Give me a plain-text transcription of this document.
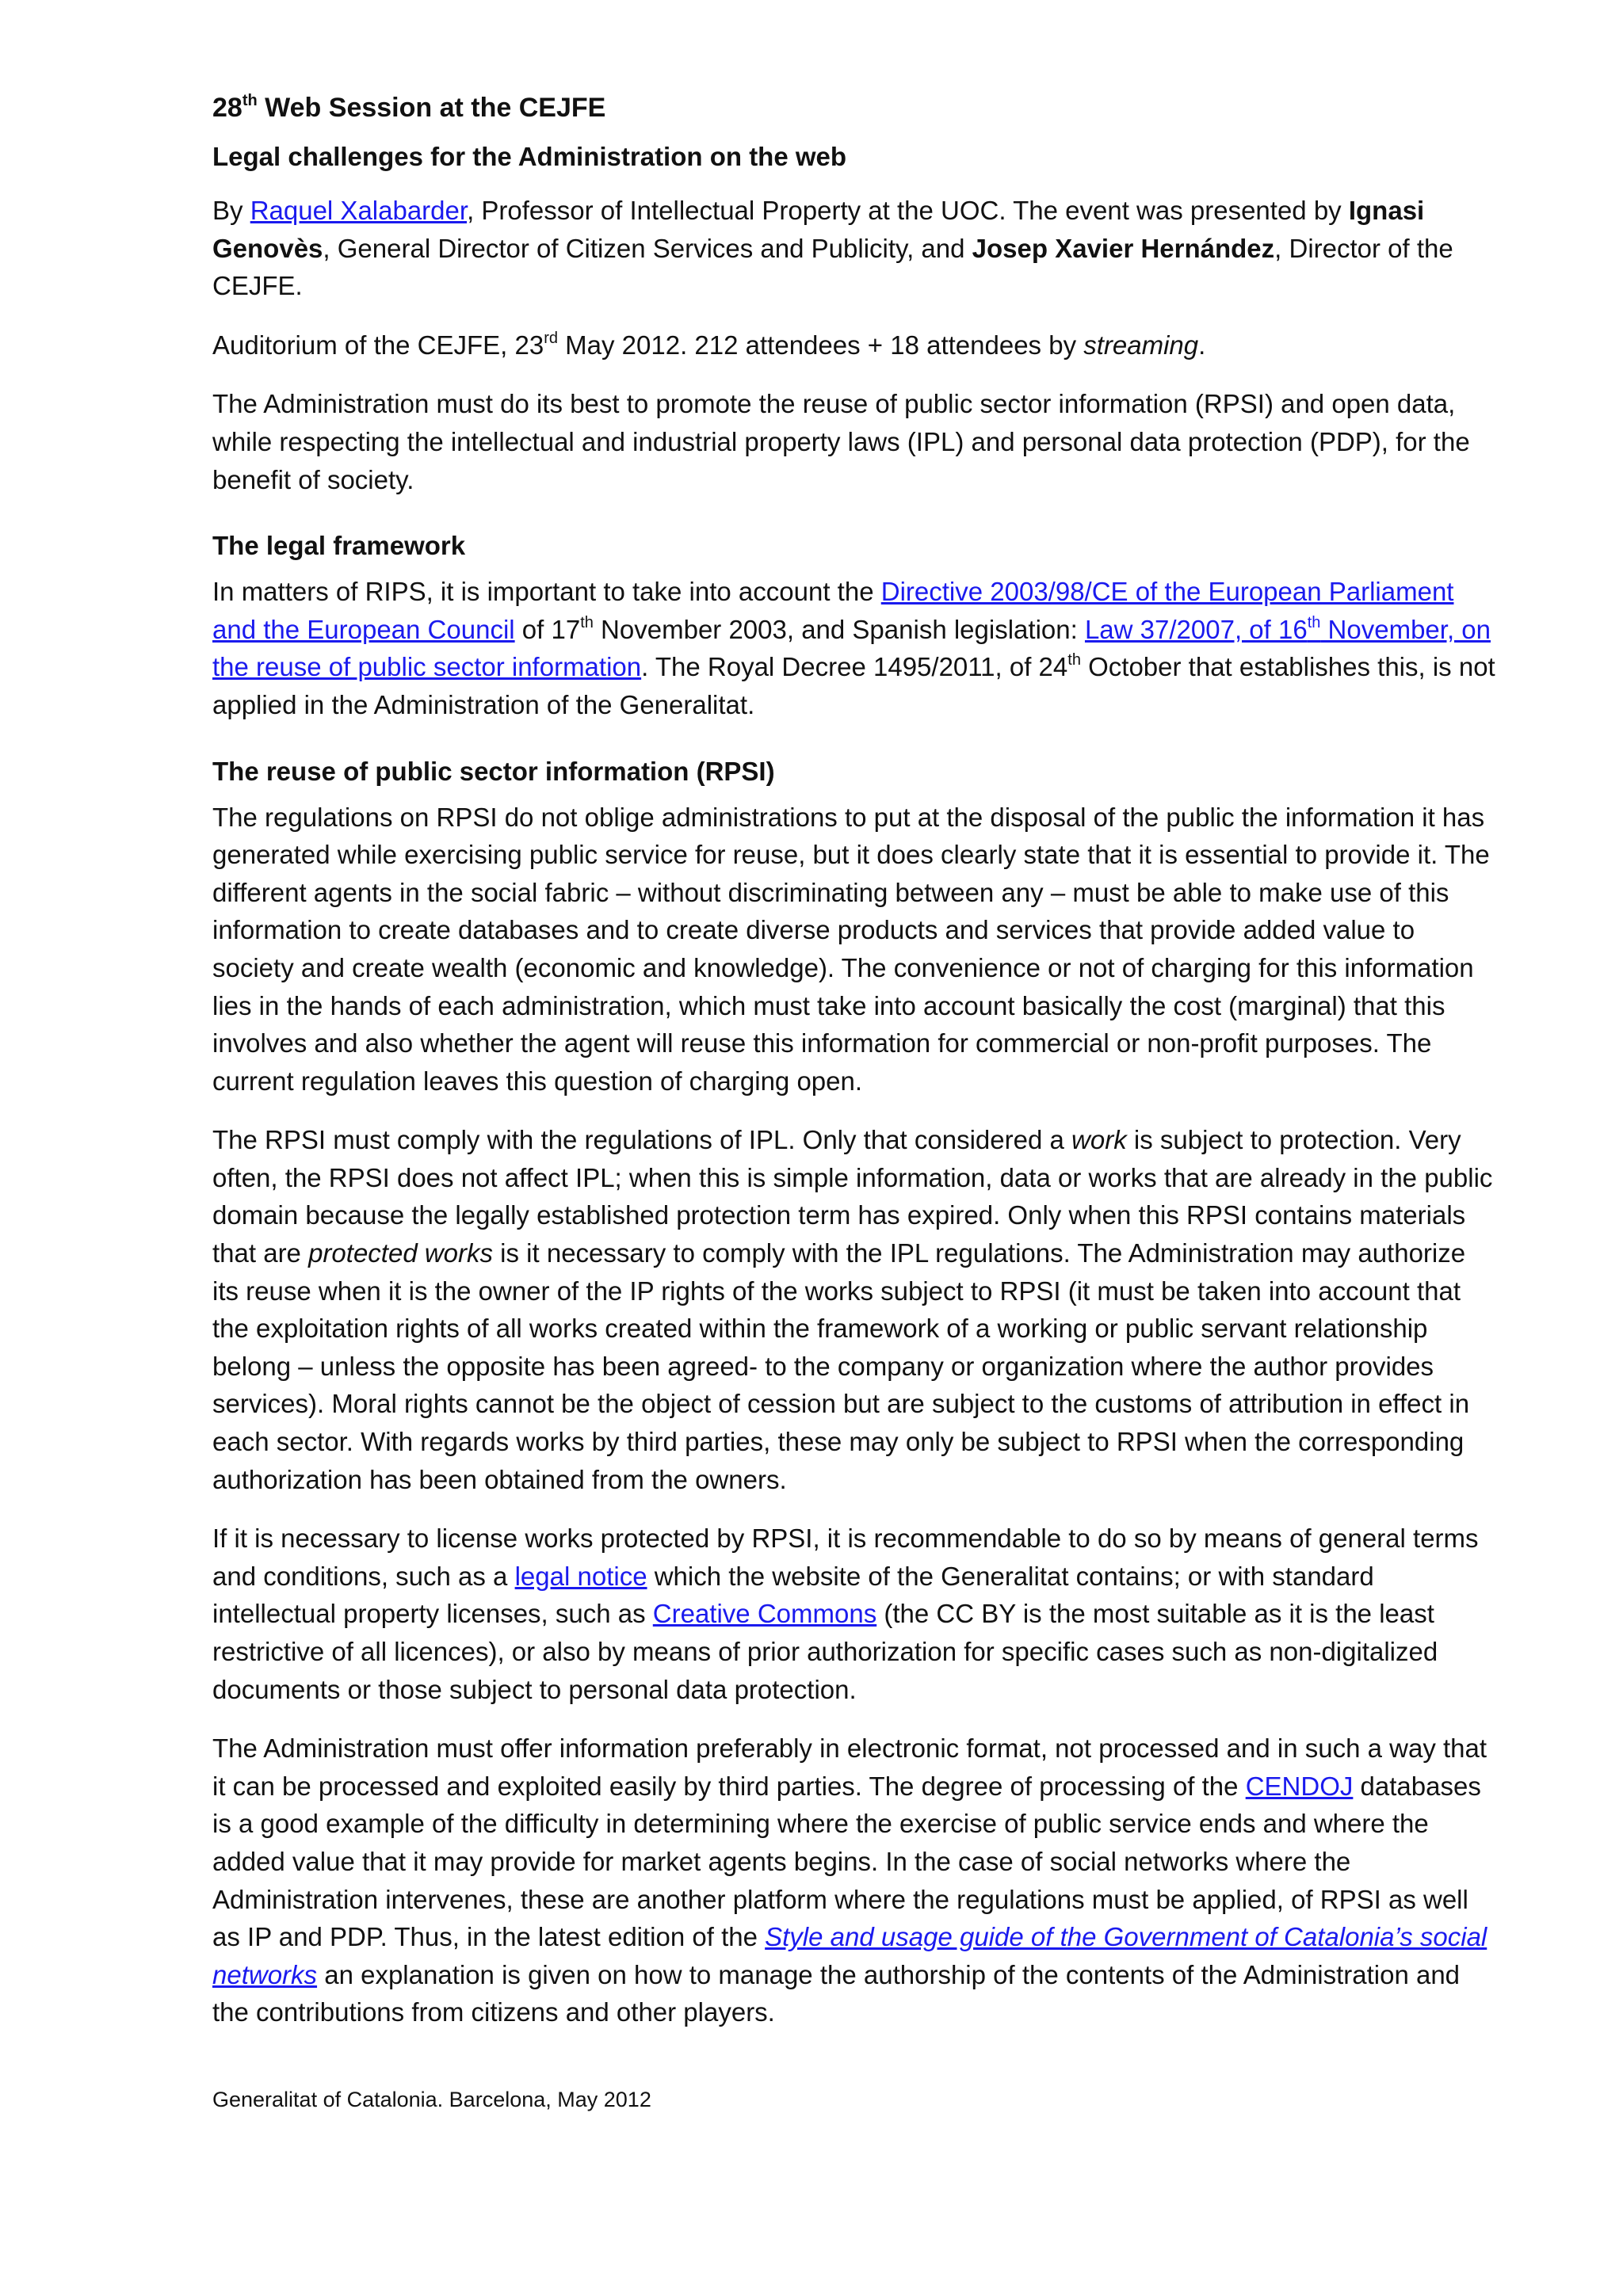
28th Web Session at the CEJFE
Legal challenges for the Administration on the web

By Raquel Xalabarder, Professor of Intellectual Property at the UOC. The event was presented by Ignasi Genovès, General Director of Citizen Services and Publicity, and Josep Xavier Hernández, Director of the CEJFE.

Auditorium of the CEJFE, 23rd May 2012. 212 attendees + 18 attendees by streaming.

The Administration must do its best to promote the reuse of public sector information (RPSI) and open data, while respecting the intellectual and industrial property laws (IPL) and personal data protection (PDP), for the benefit of society.

The legal framework

In matters of RIPS, it is important to take into account the Directive 2003/98/CE of the European Parliament and the European Council of 17th November 2003, and Spanish legislation: Law 37/2007, of 16th November, on the reuse of public sector information. The Royal Decree 1495/2011, of 24th October that establishes this, is not applied in the Administration of the Generalitat.

The reuse of public sector information (RPSI)

The regulations on RPSI do not oblige administrations to put at the disposal of the public the information it has generated while exercising public service for reuse, but it does clearly state that it is essential to provide it. The different agents in the social fabric – without discriminating between any – must be able to make use of this information to create databases and to create diverse products and services that provide added value to society and create wealth (economic and knowledge). The convenience or not of charging for this information lies in the hands of each administration, which must take into account basically the cost (marginal) that this involves and also whether the agent will reuse this information for commercial or non-profit purposes. The current regulation leaves this question of charging open.

The RPSI must comply with the regulations of IPL. Only that considered a work is subject to protection. Very often, the RPSI does not affect IPL; when this is simple information, data or works that are already in the public domain because the legally established protection term has expired. Only when this RPSI contains materials that are protected works is it necessary to comply with the IPL regulations. The Administration may authorize its reuse when it is the owner of the IP rights of the works subject to RPSI (it must be taken into account that the exploitation rights of all works created within the framework of a working or public servant relationship belong – unless the opposite has been agreed- to the company or organization where the author provides services). Moral rights cannot be the object of cession but are subject to the customs of attribution in effect in each sector. With regards works by third parties, these may only be subject to RPSI when the corresponding authorization has been obtained from the owners.

If it is necessary to license works protected by RPSI, it is recommendable to do so by means of general terms and conditions, such as a legal notice which the website of the Generalitat contains; or with standard intellectual property licenses, such as Creative Commons (the CC BY is the most suitable as it is the least restrictive of all licences), or also by means of prior authorization for specific cases such as non-digitalized documents or those subject to personal data protection.

The Administration must offer information preferably in electronic format, not processed and in such a way that it can be processed and exploited easily by third parties. The degree of processing of the CENDOJ databases is a good example of the difficulty in determining where the exercise of public service ends and where the added value that it may provide for market agents begins. In the case of social networks where the Administration intervenes, these are another platform where the regulations must be applied, of RPSI as well as IP and PDP. Thus, in the latest edition of the Style and usage guide of the Government of Catalonia’s social networks an explanation is given on how to manage the authorship of the contents of the Administration and the contributions from citizens and other players.

Generalitat of Catalonia. Barcelona, May 2012
